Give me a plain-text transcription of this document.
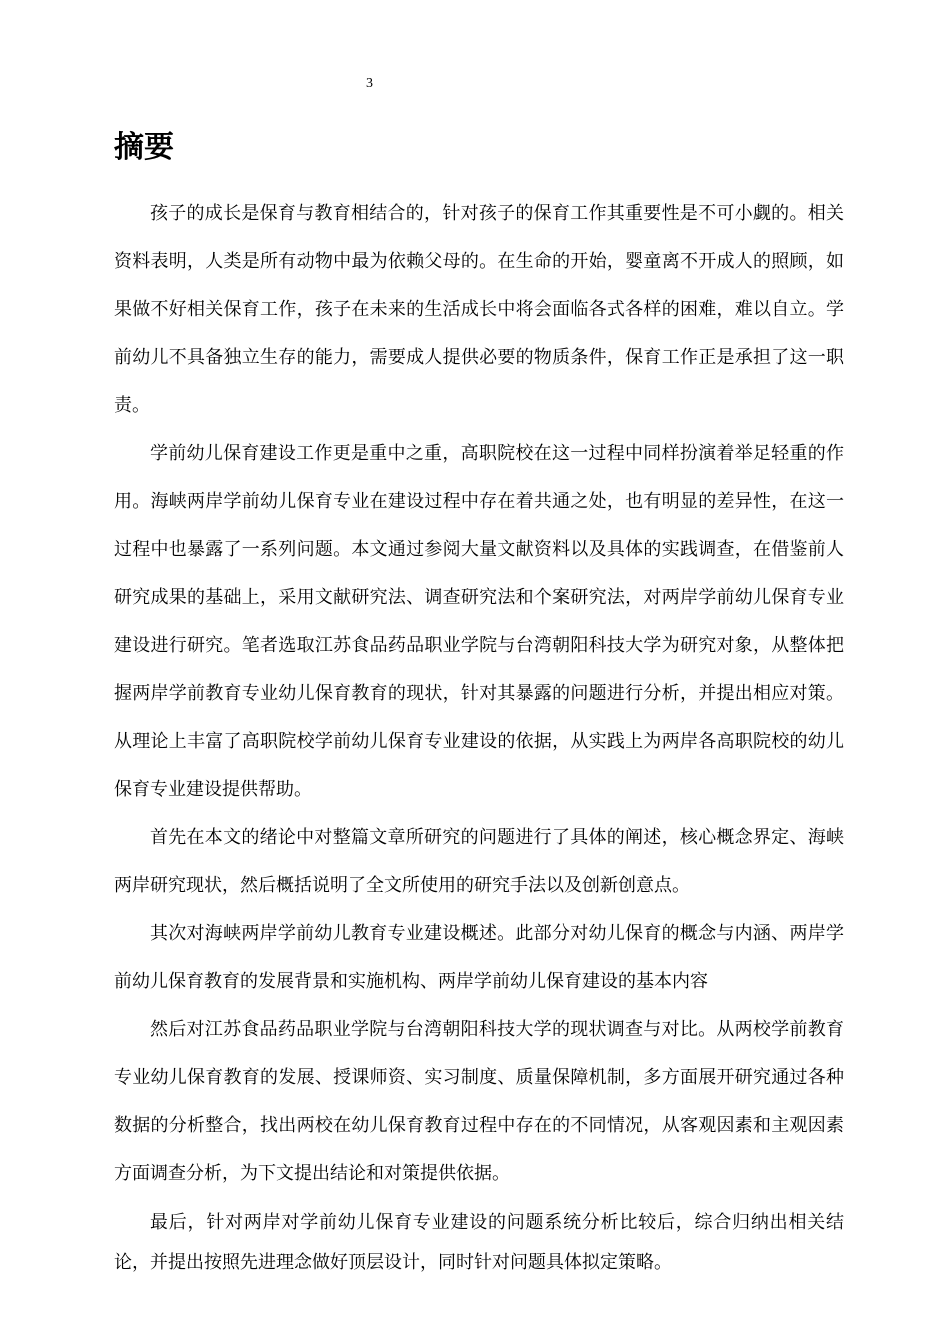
3
摘要

孩子的成长是保育与教育相结合的，针对孩子的保育工作其重要性是不可小觑的。相关资料表明，人类是所有动物中最为依赖父母的。在生命的开始，婴童离不开成人的照顾，如果做不好相关保育工作，孩子在未来的生活成长中将会面临各式各样的困难，难以自立。学前幼儿不具备独立生存的能力，需要成人提供必要的物质条件，保育工作正是承担了这一职责。

学前幼儿保育建设工作更是重中之重，高职院校在这一过程中同样扮演着举足轻重的作用。海峡两岸学前幼儿保育专业在建设过程中存在着共通之处，也有明显的差异性，在这一过程中也暴露了一系列问题。本文通过参阅大量文献资料以及具体的实践调查，在借鉴前人研究成果的基础上，采用文献研究法、调查研究法和个案研究法，对两岸学前幼儿保育专业建设进行研究。笔者选取江苏食品药品职业学院与台湾朝阳科技大学为研究对象，从整体把握两岸学前教育专业幼儿保育教育的现状，针对其暴露的问题进行分析，并提出相应对策。从理论上丰富了高职院校学前幼儿保育专业建设的依据，从实践上为两岸各高职院校的幼儿保育专业建设提供帮助。

首先在本文的绪论中对整篇文章所研究的问题进行了具体的阐述，核心概念界定、海峡两岸研究现状，然后概括说明了全文所使用的研究手法以及创新创意点。

其次对海峡两岸学前幼儿教育专业建设概述。此部分对幼儿保育的概念与内涵、两岸学前幼儿保育教育的发展背景和实施机构、两岸学前幼儿保育建设的基本内容

然后对江苏食品药品职业学院与台湾朝阳科技大学的现状调查与对比。从两校学前教育专业幼儿保育教育的发展、授课师资、实习制度、质量保障机制，多方面展开研究通过各种数据的分析整合，找出两校在幼儿保育教育过程中存在的不同情况，从客观因素和主观因素方面调查分析，为下文提出结论和对策提供依据。

最后，针对两岸对学前幼儿保育专业建设的问题系统分析比较后，综合归纳出相关结论，并提出按照先进理念做好顶层设计，同时针对问题具体拟定策略。
